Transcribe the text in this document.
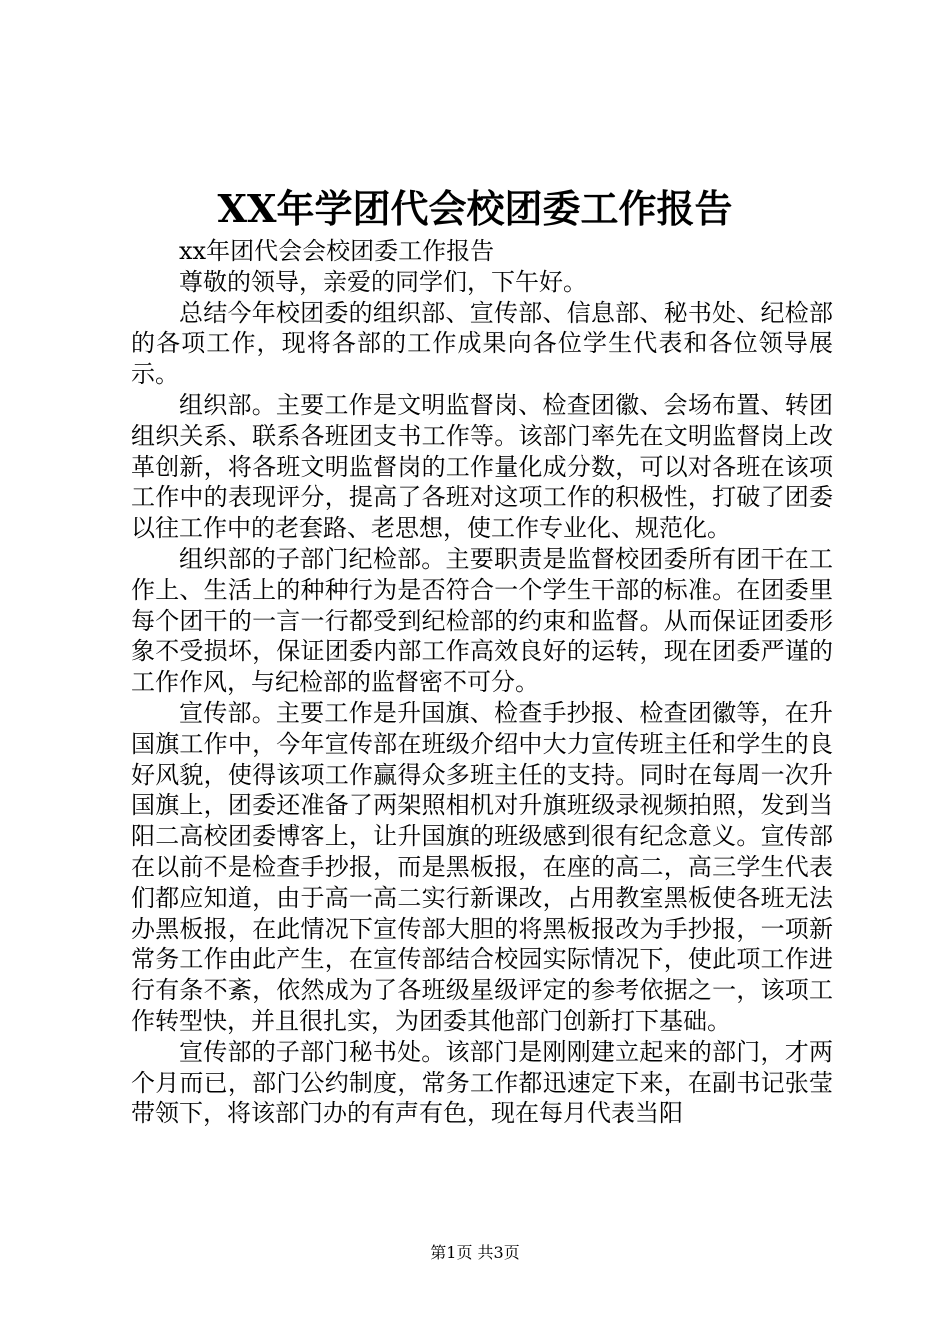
XX年学团代会校团委工作报告

xx年团代会会校团委工作报告

尊敬的领导，亲爱的同学们，下午好。

总结今年校团委的组织部、宣传部、信息部、秘书处、纪检部的各项工作，现将各部的工作成果向各位学生代表和各位领导展示。

组织部。主要工作是文明监督岗、检查团徽、会场布置、转团组织关系、联系各班团支书工作等。该部门率先在文明监督岗上改革创新，将各班文明监督岗的工作量化成分数，可以对各班在该项工作中的表现评分，提高了各班对这项工作的积极性，打破了团委以往工作中的老套路、老思想，使工作专业化、规范化。

组织部的子部门纪检部。主要职责是监督校团委所有团干在工作上、生活上的种种行为是否符合一个学生干部的标准。在团委里每个团干的一言一行都受到纪检部的约束和监督。从而保证团委形象不受损坏，保证团委内部工作高效良好的运转，现在团委严谨的工作作风，与纪检部的监督密不可分。

宣传部。主要工作是升国旗、检查手抄报、检查团徽等，在升国旗工作中，今年宣传部在班级介绍中大力宣传班主任和学生的良好风貌，使得该项工作赢得众多班主任的支持。同时在每周一次升国旗上，团委还准备了两架照相机对升旗班级录视频拍照，发到当阳二高校团委博客上，让升国旗的班级感到很有纪念意义。宣传部在以前不是检查手抄报，而是黑板报，在座的高二，高三学生代表们都应知道，由于高一高二实行新课改，占用教室黑板使各班无法办黑板报，在此情况下宣传部大胆的将黑板报改为手抄报，一项新常务工作由此产生，在宣传部结合校园实际情况下，使此项工作进行有条不紊，依然成为了各班级星级评定的参考依据之一，该项工作转型快，并且很扎实，为团委其他部门创新打下基础。

宣传部的子部门秘书处。该部门是刚刚建立起来的部门，才两个月而已，部门公约制度，常务工作都迅速定下来，在副书记张莹带领下，将该部门办的有声有色，现在每月代表当阳

第1页 共3页
